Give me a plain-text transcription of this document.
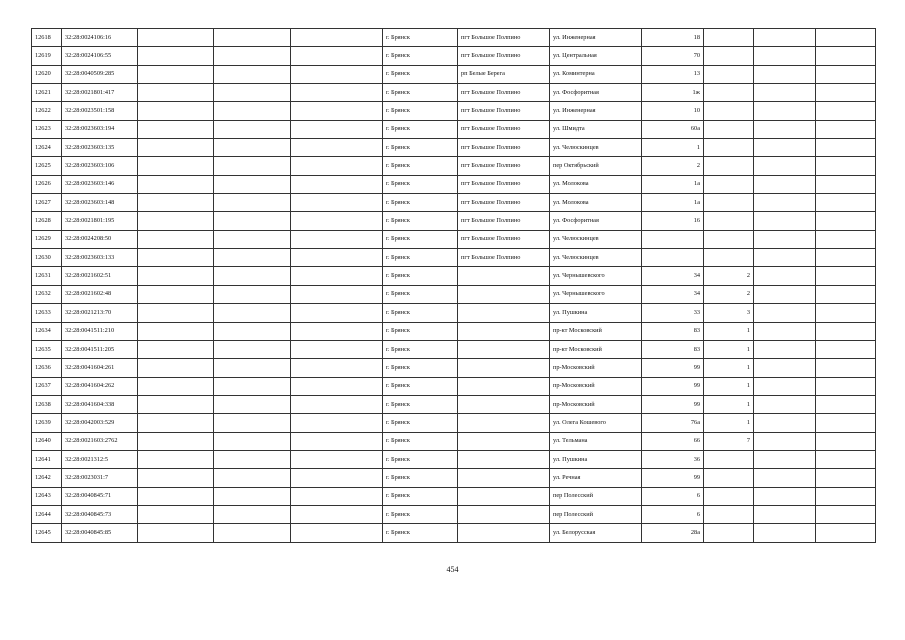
12618	32:28:0024106:16				г. Брянск	пгт Большое Полпино	ул. Инженерная	18			
12619	32:28:0024106:55				г. Брянск	пгт Большое Полпино	ул. Центральная	70			
12620	32:28:0040509:285				г. Брянск	рп Белые Берега	ул. Коминтерна	13			
12621	32:28:0021801:417				г. Брянск	пгт Большое Полпино	ул. Фосфоритная	1ж			
12622	32:28:0023501:158				г. Брянск	пгт Большое Полпино	ул. Инженерная	10			
12623	32:28:0023603:194				г. Брянск	пгт Большое Полпино	ул. Шмидта	60а			
12624	32:28:0023603:135				г. Брянск	пгт Большое Полпино	ул. Челюскинцев	1			
12625	32:28:0023603:106				г. Брянск	пгт Большое Полпино	пер Октябрьский	2			
12626	32:28:0023603:146				г. Брянск	пгт Большое Полпино	ул. Молокова	1а			
12627	32:28:0023603:148				г. Брянск	пгт Большое Полпино	ул. Молокова	1а			
12628	32:28:0021801:195				г. Брянск	пгт Большое Полпино	ул. Фосфоритная	16			
12629	32:28:0024208:50				г. Брянск	пгт Большое Полпино	ул. Челюскинцев				
12630	32:28:0023603:133				г. Брянск	пгт Большое Полпино	ул. Челюскинцев				
12631	32:28:0021602:51				г. Брянск		ул. Чернышевского	34	2		
12632	32:28:0021602:48				г. Брянск		ул. Чернышевского	34	2		
12633	32:28:0021213:70				г. Брянск		ул. Пушкина	33	3		
12634	32:28:0041511:210				г. Брянск		пр-кт Московский	83	1		
12635	32:28:0041511:205				г. Брянск		пр-кт Московский	83	1		
12636	32:28:0041604:261				г. Брянск		пр-Московский	99	1		
12637	32:28:0041604:262				г. Брянск		пр-Московский	99	1		
12638	32:28:0041604:338				г. Брянск		пр-Московский	99	1		
12639	32:28:0042003:529				г. Брянск		ул. Олега Кошевого	76а	1		
12640	32:28:0021603:2762				г. Брянск		ул. Тельмана	66	7		
12641	32:28:0021312:5				г. Брянск		ул. Пушкина	36			
12642	32:28:0023031:7				г. Брянск		ул. Речная	99			
12643	32:28:0040845:71				г. Брянск		пер Полесский	6			
12644	32:28:0040845:73				г. Брянск		пер Полесский	6			
12645	32:28:0040845:85				г. Брянск		ул. Белорусская	28а			
454
